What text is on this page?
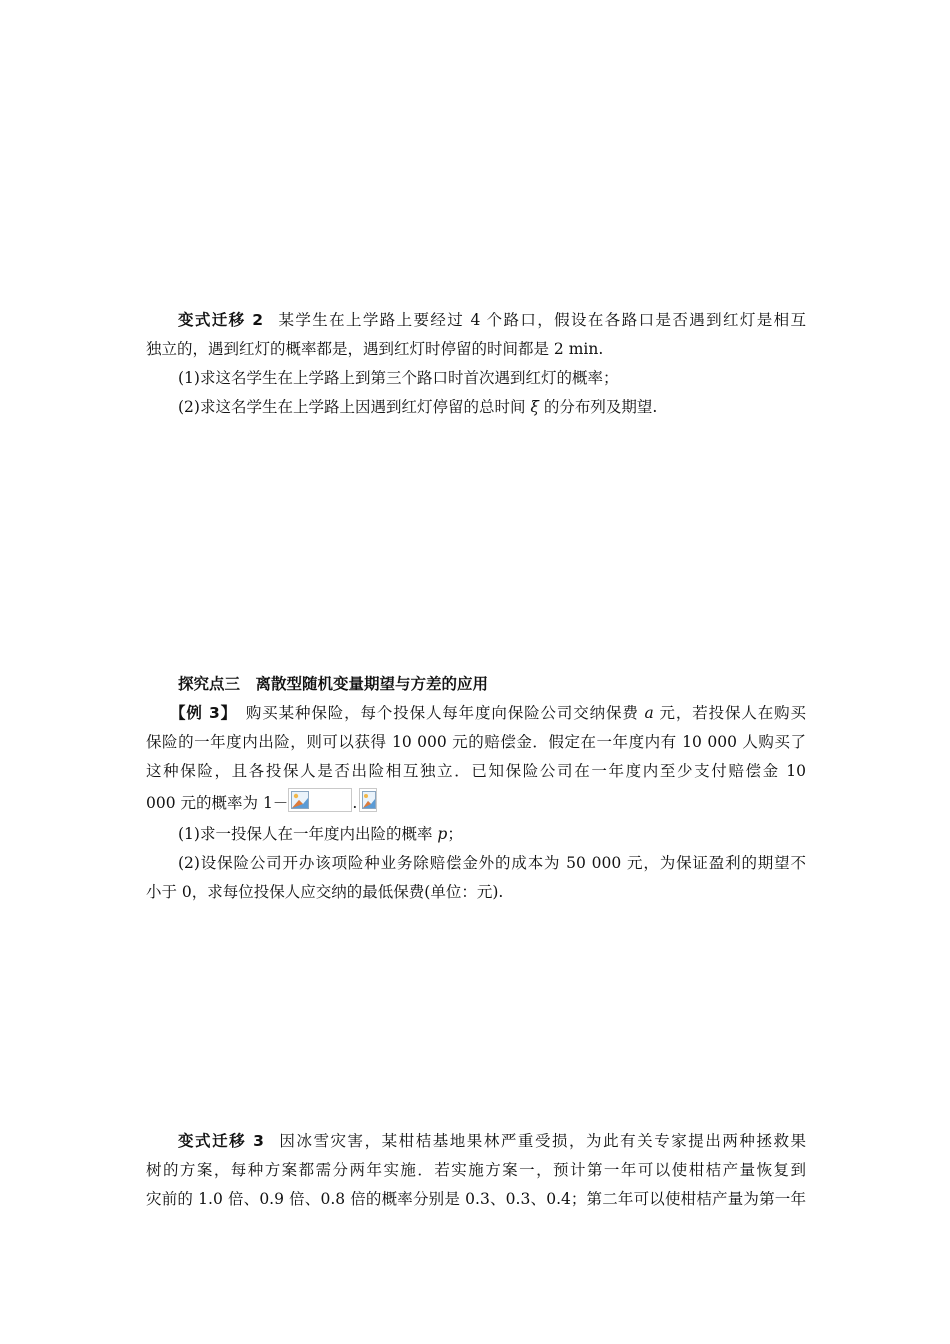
变式迁移 2 某学生在上学路上要经过 4 个路口，假设在各路口是否遇到红灯是相互
独立的，遇到红灯的概率都是，遇到红灯时停留的时间都是 2 min.
(1)求这名学生在上学路上到第三个路口时首次遇到红灯的概率；
(2)求这名学生在上学路上因遇到红灯停留的总时间 ξ 的分布列及期望.
探究点三　离散型随机变量期望与方差的应用
【例 3】 购买某种保险，每个投保人每年度向保险公司交纳保费 a 元，若投保人在购买
保险的一年度内出险，则可以获得 10 000 元的赔偿金．假定在一年度内有 10 000 人购买了
这种保险，且各投保人是否出险相互独立．已知保险公司在一年度内至少支付赔偿金 10
000 元的概率为 1－	.
(1)求一投保人在一年度内出险的概率 p；
(2)设保险公司开办该项险种业务除赔偿金外的成本为 50 000 元，为保证盈利的期望不
小于 0，求每位投保人应交纳的最低保费(单位：元).
变式迁移 3 因冰雪灾害，某柑桔基地果林严重受损，为此有关专家提出两种拯救果
树的方案，每种方案都需分两年实施．若实施方案一，预计第一年可以使柑桔产量恢复到
灾前的 1.0 倍、0.9 倍、0.8 倍的概率分别是 0.3、0.3、0.4；第二年可以使柑桔产量为第一年
